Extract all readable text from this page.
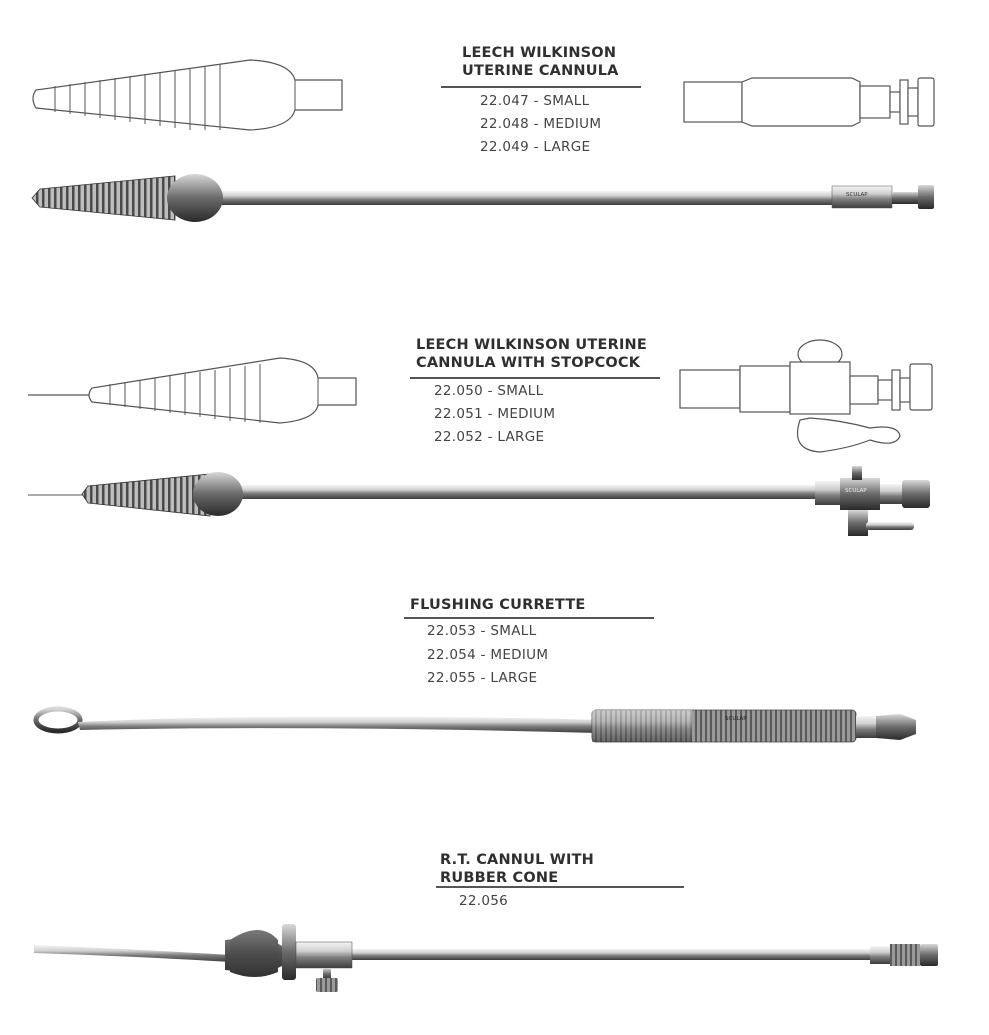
SCULAP
SCULAP
SCULAP
LEECH WILKINSON
UTERINE CANNULA
22.047 - SMALL
22.048 - MEDIUM
22.049 - LARGE
LEECH WILKINSON UTERINE
CANNULA WITH STOPCOCK
22.050 - SMALL
22.051 - MEDIUM
22.052 - LARGE
FLUSHING CURRETTE
22.053 - SMALL
22.054 - MEDIUM
22.055 - LARGE
R.T. CANNUL WITH
RUBBER CONE
22.056
